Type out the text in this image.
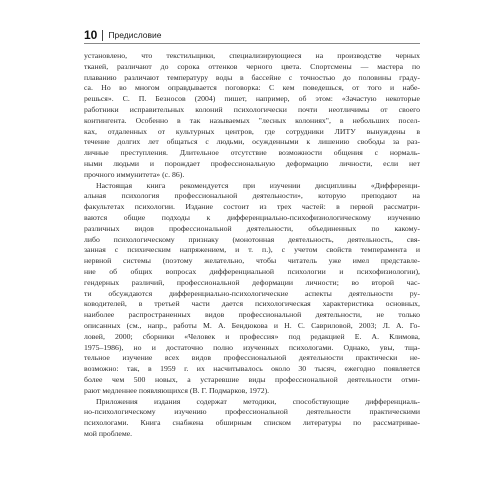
10 Предисловие

установлено, что текстильщики, специализирующиеся на производстве черных
тканей, различают до сорока оттенков черного цвета. Спортсмены — мастера по
плаванию различают температуру воды в бассейне с точностью до половины граду-
са. Но во многом оправдывается поговорка: С кем поведешься, от того и набе-
решься». С. П. Безносов (2004) пишет, например, об этом: «Зачастую некоторые
работники исправительных колоний психологически почти неотличимы от своего
контингента. Особенно в так называемых "лесных колониях", в небольших посел-
ках, отдаленных от культурных центров, где сотрудники ЛИТУ вынуждены в
течение долгих лет общаться с людьми, осужденными к лишению свободы за раз-
личные преступления. Длительное отсутствие возможности общения с нормаль-
ными людьми и порождает профессиональную деформацию личности, если нет
прочного иммунитета» (с. 86).

Настоящая книга рекомендуется при изучении дисциплины «Дифференци-
альная психология профессиональной деятельности», которую преподают на
факультетах психологии. Издание состоит из трех частей: в первой рассматри-
ваются общие подходы к дифференциально-психофизиологическому изучению
различных видов профессиональной деятельности, объединенных по какому-
либо психологическому признаку (монотонная деятельность, деятельность, свя-
занная с психическим напряжением, и т. п.), с учетом свойств темперамента и
нервной системы (поэтому желательно, чтобы читатель уже имел представле-
ние об общих вопросах дифференциальной психологии и психофизиологии),
гендерных различий, профессиональной деформации личности; во второй час-
ти обсуждаются дифференциально-психологические аспекты деятельности ру-
ководителей, в третьей части дается психологическая характеристика основных,
наиболее распространенных видов профессиональной деятельности, не только
описанных (см., напр., работы М. А. Бендюкова и Н. С. Савриловой, 2003; Л. А. Го-
ловей, 2000; сборники «Человек и профессия» под редакцией Е. А. Климова,
1975–1986), но и достаточно полно изученных психологами. Однако, увы, тща-
тельное изучение всех видов профессиональной деятельности практически не-
возможно: так, в 1959 г. их насчитывалось около 30 тысяч, ежегодно появляется
более чем 500 новых, а устаревшие виды профессиональной деятельности отми-
рают медленнее появляющихся (В. Г. Подмарков, 1972).

Приложения издания содержат методики, способствующие дифференциаль-
но-психологическому изучению профессиональной деятельности практическими
психологами. Книга снабжена обширным списком литературы по рассматривае-
мой проблеме.
